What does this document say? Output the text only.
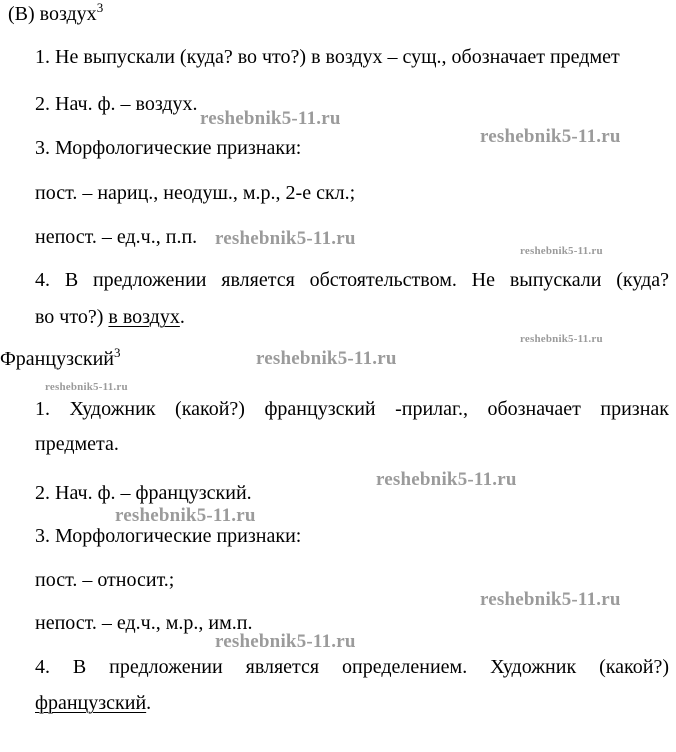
(В) воздух$^3$
1. Не выпускали (куда? во что?) в воздух – сущ., обозначает предмет
2. Нач. ф. – воздух.
3. Морфологические признаки:
пост. – нариц., неодуш., м.р., 2-е скл.;
непост. – ед.ч., п.п.
4. В предложении является обстоятельством. Не выпускали (куда?
во что?) в воздух.
Французский$^3$
1. Художник (какой?) французский -прилаг., обозначает признак
предмета.
2. Нач. ф. – французский.
3. Морфологические признаки:
пост. – относит.;
непост. – ед.ч., м.р., им.п.
4. В предложении является определением. Художник (какой?)
французский.
reshebnik5-11.ru
reshebnik5-11.ru
reshebnik5-11.ru
reshebnik5-11.ru
reshebnik5-11.ru
reshebnik5-11.ru
reshebnik5-11.ru
reshebnik5-11.ru
reshebnik5-11.ru
reshebnik5-11.ru
reshebnik5-11.ru
